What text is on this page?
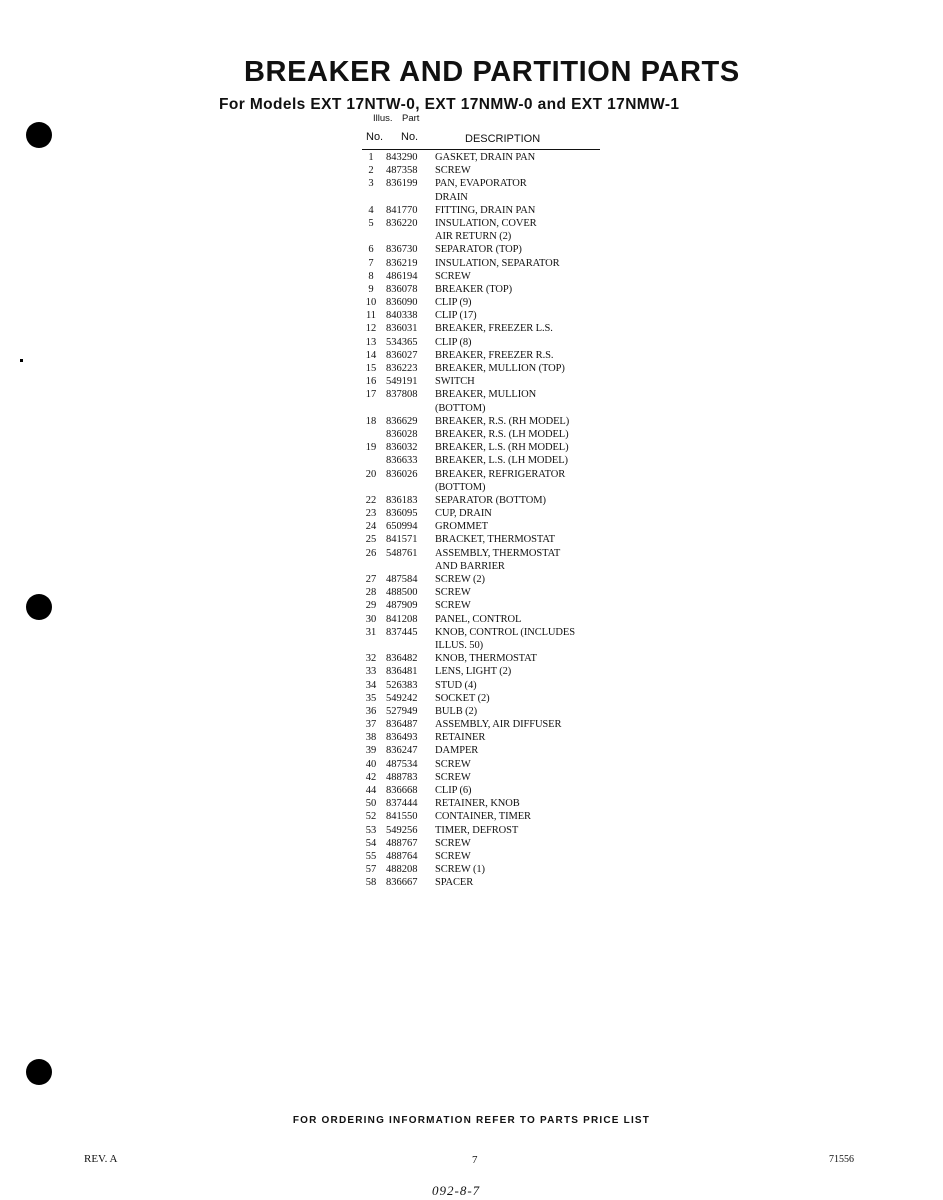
BREAKER AND PARTITION PARTS
For Models EXT 17NTW-0, EXT 17NMW-0 and EXT 17NMW-1
Illus. Part
No. No.	DESCRIPTION
1	843290	GASKET, DRAIN PAN
2	487358	SCREW
3	836199	PAN, EVAPORATOR
DRAIN
4	841770	FITTING, DRAIN PAN
5	836220	INSULATION, COVER
AIR RETURN (2)
6	836730	SEPARATOR (TOP)
7	836219	INSULATION, SEPARATOR
8	486194	SCREW
9	836078	BREAKER (TOP)
10 836090	CLIP (9)
11 840338	CLIP (17)
12 836031	BREAKER, FREEZER L.S.
13 534365	CLIP (8)
14 836027	BREAKER, FREEZER R.S.
15 836223	BREAKER, MULLION (TOP)
16 549191	SWITCH
17 837808	BREAKER, MULLION
(BOTTOM)
18 836629	BREAKER, R.S. (RH MODEL)
836028	BREAKER, R.S. (LH MODEL)
19 836032	BREAKER, L.S. (RH MODEL)
836633	BREAKER, L.S. (LH MODEL)
20 836026	BREAKER, REFRIGERATOR
(BOTTOM)
22 836183	SEPARATOR (BOTTOM)
23 836095	CUP, DRAIN
24 650994	GROMMET
25 841571	BRACKET, THERMOSTAT
26 548761	ASSEMBLY, THERMOSTAT
AND BARRIER
27 487584	SCREW (2)
28 488500	SCREW
29 487909	SCREW
30 841208	PANEL, CONTROL
31 837445	KNOB, CONTROL (INCLUDES
ILLUS. 50)
32 836482	KNOB, THERMOSTAT
33 836481	LENS, LIGHT (2)
34 526383	STUD (4)
35 549242	SOCKET (2)
36 527949	BULB (2)
37 836487	ASSEMBLY, AIR DIFFUSER
38 836493	RETAINER
39 836247	DAMPER
40 487534	SCREW
42 488783	SCREW
44 836668	CLIP (6)
50 837444	RETAINER, KNOB
52 841550	CONTAINER, TIMER
53 549256	TIMER, DEFROST
54 488767	SCREW
55 488764	SCREW
57 488208	SCREW (1)
58 836667	SPACER
FOR ORDERING INFORMATION REFER TO PARTS PRICE LIST
REV. A	7	71556
092-8-7
